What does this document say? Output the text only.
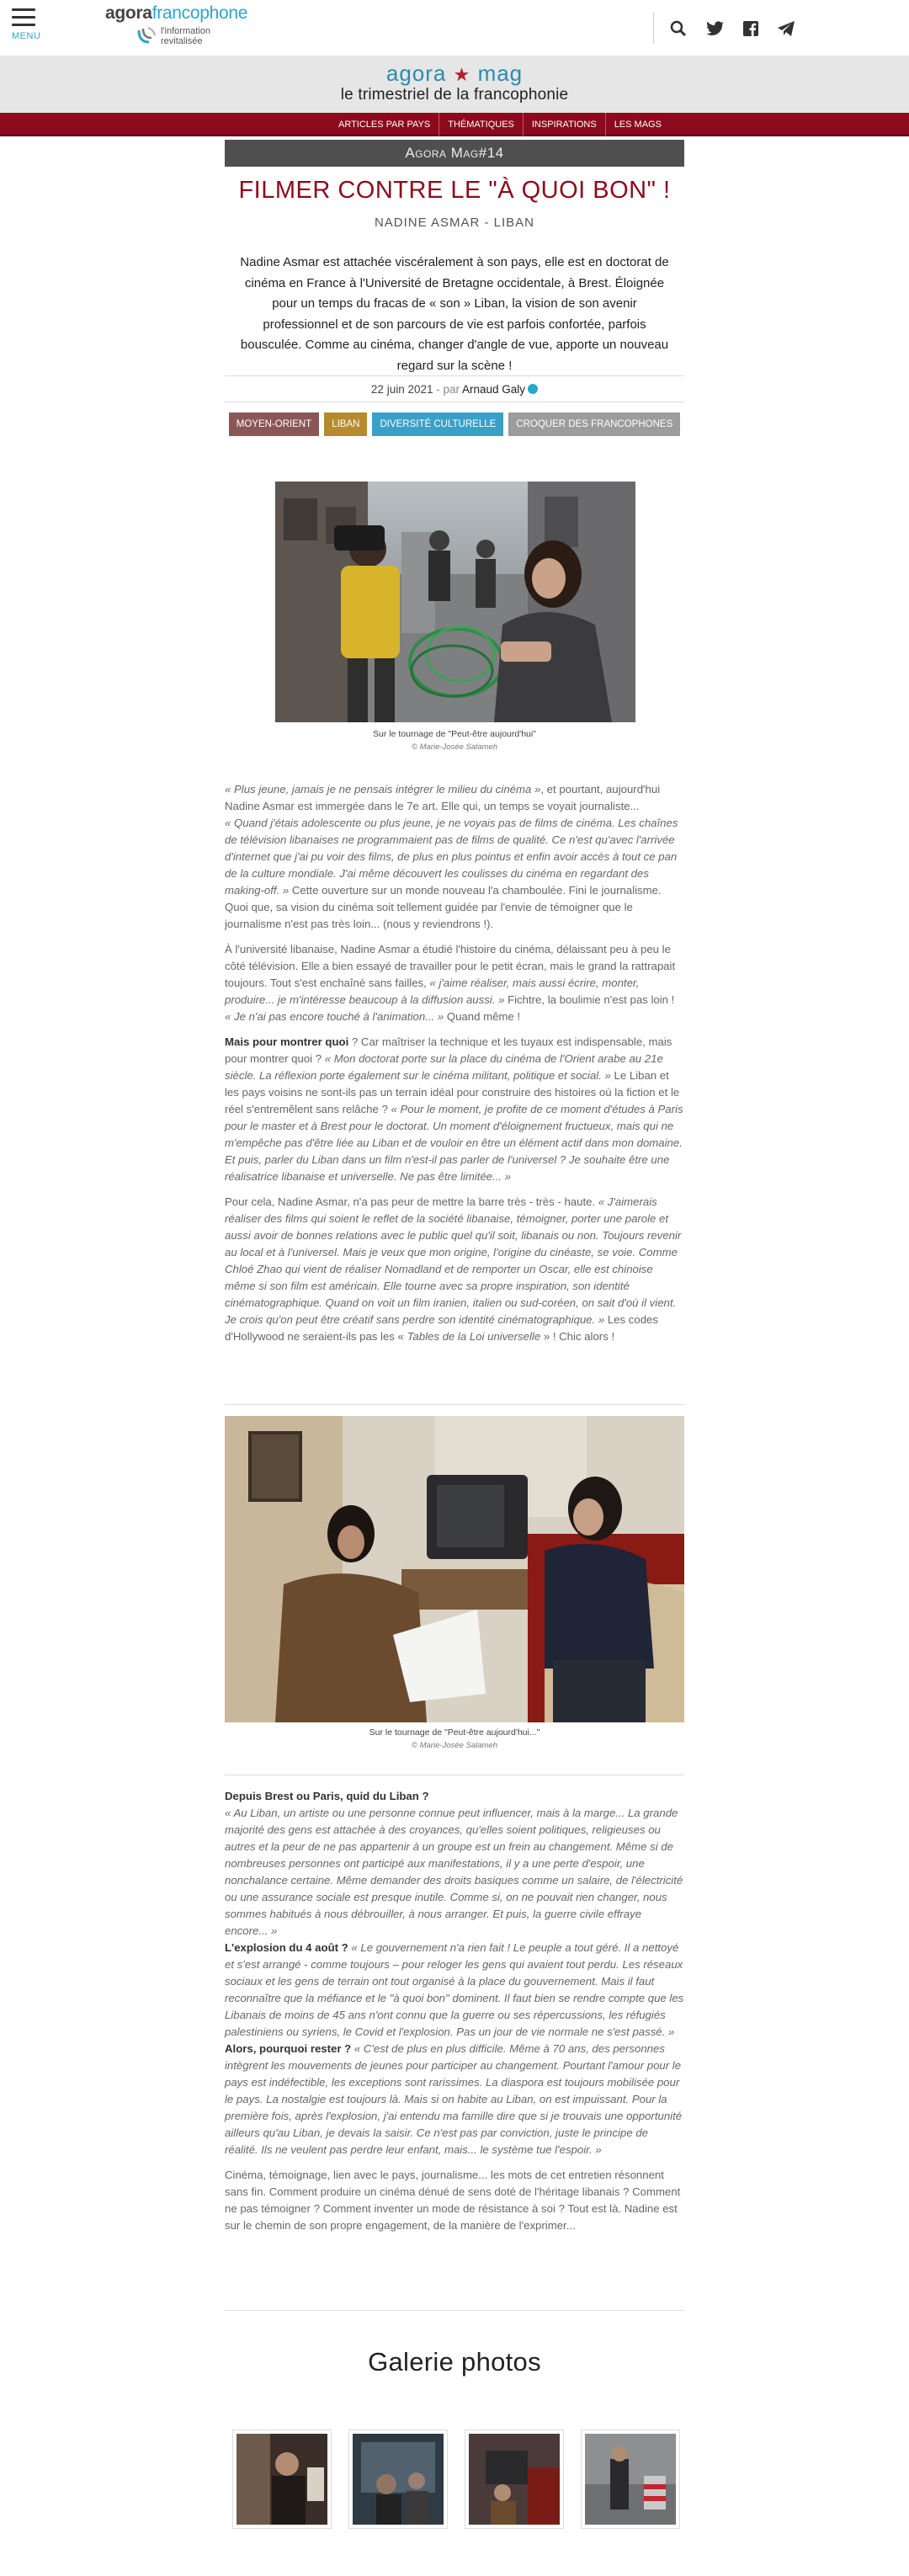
MENU
agorafrancophone
l'information
revitalisée
agora ★ mag
le trimestriel de la francophonie
ARTICLES PAR PAYS	THÉMATIQUES	INSPIRATIONS	LES MAGS
Agora Mag#14
FILMER CONTRE LE "À QUOI BON" !
NADINE ASMAR - LIBAN
Nadine Asmar est attachée viscéralement à son pays, elle est en doctorat de cinéma en France à l'Université de Bretagne occidentale, à Brest. Éloignée pour un temps du fracas de « son » Liban, la vision de son avenir professionnel et de son parcours de vie est parfois confortée, parfois bousculée. Comme au cinéma, changer d'angle de vue, apporte un nouveau regard sur la scène !
22 juin 2021 - par Arnaud Galy
MOYEN-ORIENT	LIBAN	DIVERSITÉ CULTURELLE	CROQUER DES FRANCOPHONES
Sur le tournage de "Peut-être aujourd'hui"
© Marie-Josée Salameh

« Plus jeune, jamais je ne pensais intégrer le milieu du cinéma », et pourtant, aujourd'hui Nadine Asmar est immergée dans le 7e art. Elle qui, un temps se voyait journaliste...
« Quand j'étais adolescente ou plus jeune, je ne voyais pas de films de cinéma. Les chaînes de télévision libanaises ne programmaient pas de films de qualité. Ce n'est qu'avec l'arrivée d'internet que j'ai pu voir des films, de plus en plus pointus et enfin avoir accès à tout ce pan de la culture mondiale. J'ai même découvert les coulisses du cinéma en regardant des making-off. » Cette ouverture sur un monde nouveau l'a chamboulée. Fini le journalisme. Quoi que, sa vision du cinéma soit tellement guidée par l'envie de témoigner que le journalisme n'est pas très loin... (nous y reviendrons !).

À l'université libanaise, Nadine Asmar a étudié l'histoire du cinéma, délaissant peu à peu le côté télévision. Elle a bien essayé de travailler pour le petit écran, mais le grand la rattrapait toujours. Tout s'est enchaîné sans failles, « j'aime réaliser, mais aussi écrire, monter, produire... je m'intéresse beaucoup à la diffusion aussi. » Fichtre, la boulimie n'est pas loin !
« Je n'ai pas encore touché à l'animation... » Quand même !

Mais pour montrer quoi ? Car maîtriser la technique et les tuyaux est indispensable, mais pour montrer quoi ? « Mon doctorat porte sur la place du cinéma de l'Orient arabe au 21e siècle. La réflexion porte également sur le cinéma militant, politique et social. » Le Liban et les pays voisins ne sont-ils pas un terrain idéal pour construire des histoires où la fiction et le réel s'entremêlent sans relâche ? « Pour le moment, je profite de ce moment d'études à Paris pour le master et à Brest pour le doctorat. Un moment d'éloignement fructueux, mais qui ne m'empêche pas d'être liée au Liban et de vouloir en être un élément actif dans mon domaine. Et puis, parler du Liban dans un film n'est-il pas parler de l'universel ? Je souhaite être une réalisatrice libanaise et universelle. Ne pas être limitée... »

Pour cela, Nadine Asmar, n'a pas peur de mettre la barre très - très - haute. « J'aimerais réaliser des films qui soient le reflet de la société libanaise, témoigner, porter une parole et aussi avoir de bonnes relations avec le public quel qu'il soit, libanais ou non. Toujours revenir au local et à l'universel. Mais je veux que mon origine, l'origine du cinéaste, se voie. Comme Chloé Zhao qui vient de réaliser Nomadland et de remporter un Oscar, elle est chinoise même si son film est américain. Elle tourne avec sa propre inspiration, son identité cinématographique. Quand on voit un film iranien, italien ou sud-coréen, on sait d'où il vient. Je crois qu'on peut être créatif sans perdre son identité cinématographique. » Les codes d'Hollywood ne seraient-ils pas les « Tables de la Loi universelle » ! Chic alors !

Sur le tournage de "Peut-être aujourd'hui..."
© Marie-Josée Salameh

Depuis Brest ou Paris, quid du Liban ?
« Au Liban, un artiste ou une personne connue peut influencer, mais à la marge... La grande majorité des gens est attachée à des croyances, qu'elles soient politiques, religieuses ou autres et la peur de ne pas appartenir à un groupe est un frein au changement. Même si de nombreuses personnes ont participé aux manifestations, il y a une perte d'espoir, une nonchalance certaine. Même demander des droits basiques comme un salaire, de l'électricité ou une assurance sociale est presque inutile. Comme si, on ne pouvait rien changer, nous sommes habitués à nous débrouiller, à nous arranger. Et puis, la guerre civile effraye encore... »

L'explosion du 4 août ? « Le gouvernement n'a rien fait ! Le peuple a tout géré. Il a nettoyé et s'est arrangé - comme toujours – pour reloger les gens qui avaient tout perdu. Les réseaux sociaux et les gens de terrain ont tout organisé à la place du gouvernement. Mais il faut reconnaître que la méfiance et le "à quoi bon" dominent. Il faut bien se rendre compte que les Libanais de moins de 45 ans n'ont connu que la guerre ou ses répercussions, les réfugiés palestiniens ou syriens, le Covid et l'explosion. Pas un jour de vie normale ne s'est passé. »

Alors, pourquoi rester ? « C'est de plus en plus difficile. Même à 70 ans, des personnes intègrent les mouvements de jeunes pour participer au changement. Pourtant l'amour pour le pays est indéfectible, les exceptions sont rarissimes. La diaspora est toujours mobilisée pour le pays. La nostalgie est toujours là. Mais si on habite au Liban, on est impuissant. Pour la première fois, après l'explosion, j'ai entendu ma famille dire que si je trouvais une opportunité ailleurs qu'au Liban, je devais la saisir. Ce n'est pas par conviction, juste le principe de réalité. Ils ne veulent pas perdre leur enfant, mais... le système tue l'espoir. »

Cinéma, témoignage, lien avec le pays, journalisme... les mots de cet entretien résonnent sans fin. Comment produire un cinéma dénué de sens doté de l'héritage libanais ? Comment ne pas témoigner ? Comment inventer un mode de résistance à soi ? Tout est là. Nadine est sur le chemin de son propre engagement, de la manière de l'exprimer...

Galerie photos
